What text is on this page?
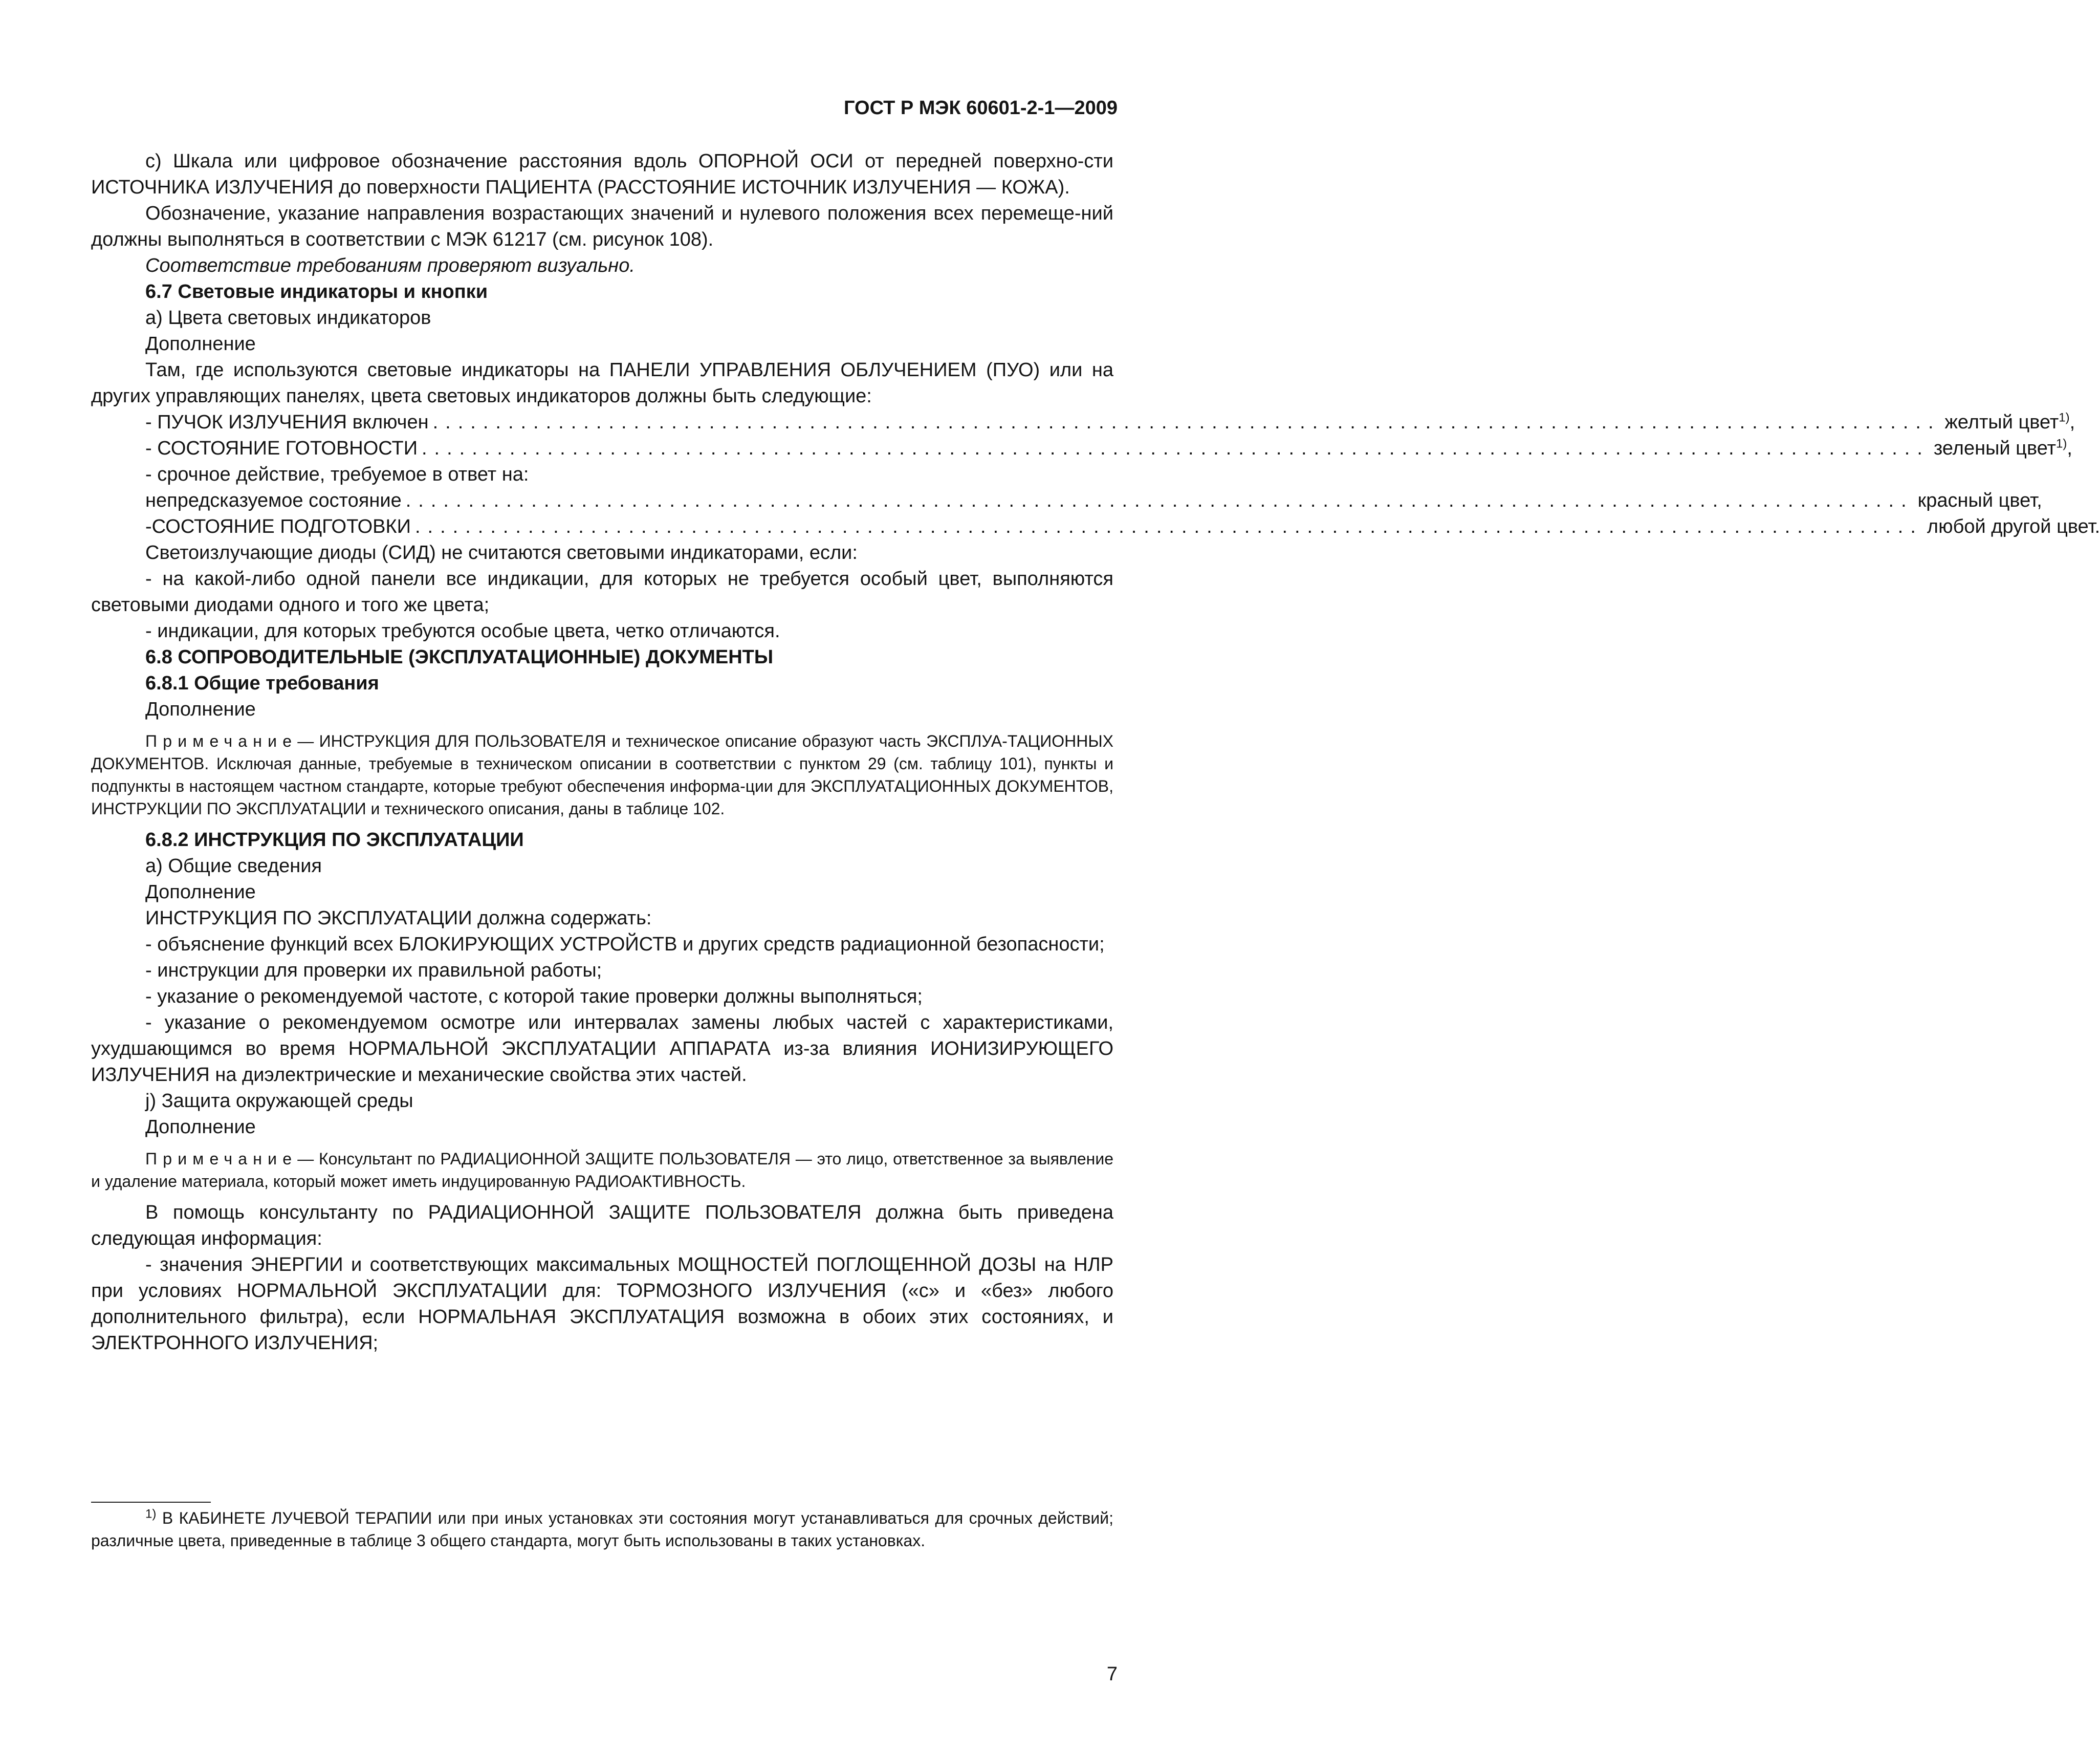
ГОСТ Р МЭК 60601-2-1—2009

c) Шкала или цифровое обозначение расстояния вдоль ОПОРНОЙ ОСИ от передней поверхно-сти ИСТОЧНИКА ИЗЛУЧЕНИЯ до поверхности ПАЦИЕНТА (РАССТОЯНИЕ ИСТОЧНИК ИЗЛУЧЕНИЯ — КОЖА).

Обозначение, указание направления возрастающих значений и нулевого положения всех перемеще-ний должны выполняться в соответствии с МЭК 61217 (см. рисунок 108).

Соответствие требованиям проверяют визуально.

6.7 Световые индикаторы и кнопки

а) Цвета световых индикаторов

Дополнение

Там, где используются световые индикаторы на ПАНЕЛИ УПРАВЛЕНИЯ ОБЛУЧЕНИЕМ (ПУО) или на других управляющих панелях, цвета световых индикаторов должны быть следующие:

- ПУЧОК ИЗЛУЧЕНИЯ включен ........................................................................................................................ желтый цвет$^{1)}$,
- СОСТОЯНИЕ ГОТОВНОСТИ ........................................................................................................................ зеленый цвет$^{1)}$,

- срочное действие, требуемое в ответ на:

непредсказуемое состояние ........................................................................................................................ красный цвет,
-СОСТОЯНИЕ ПОДГОТОВКИ ........................................................................................................................ любой другой цвет.

Светоизлучающие диоды (СИД) не считаются световыми индикаторами, если:

- на какой-либо одной панели все индикации, для которых не требуется особый цвет, выполняются световыми диодами одного и того же цвета;

- индикации, для которых требуются особые цвета, четко отличаются.

6.8 СОПРОВОДИТЕЛЬНЫЕ (ЭКСПЛУАТАЦИОННЫЕ) ДОКУМЕНТЫ

6.8.1 Общие требования

Дополнение

Примечание— ИНСТРУКЦИЯ ДЛЯ ПОЛЬЗОВАТЕЛЯ и техническое описание образуют часть ЭКСПЛУА-ТАЦИОННЫХ ДОКУМЕНТОВ. Исключая данные, требуемые в техническом описании в соответствии с пунктом 29 (см. таблицу 101), пункты и подпункты в настоящем частном стандарте, которые требуют обеспечения информа-ции для ЭКСПЛУАТАЦИОННЫХ ДОКУМЕНТОВ, ИНСТРУКЦИИ ПО ЭКСПЛУАТАЦИИ и технического описания, даны в таблице 102.

6.8.2 ИНСТРУКЦИЯ ПО ЭКСПЛУАТАЦИИ

а) Общие сведения

Дополнение

ИНСТРУКЦИЯ ПО ЭКСПЛУАТАЦИИ должна содержать:

- объяснение функций всех БЛОКИРУЮЩИХ УСТРОЙСТВ и других средств радиационной безопасности;

- инструкции для проверки их правильной работы;

- указание о рекомендуемой частоте, с которой такие проверки должны выполняться;

- указание о рекомендуемом осмотре или интервалах замены любых частей с характеристиками, ухудшающимся во время НОРМАЛЬНОЙ ЭКСПЛУАТАЦИИ АППАРАТА из-за влияния ИОНИЗИРУЮЩЕГО ИЗЛУЧЕНИЯ на диэлектрические и механические свойства этих частей.

j) Защита окружающей среды

Дополнение

Примечание— Консультант по РАДИАЦИОННОЙ ЗАЩИТЕ ПОЛЬЗОВАТЕЛЯ — это лицо, ответственное за выявление и удаление материала, который может иметь индуцированную РАДИОАКТИВНОСТЬ.

В помощь консультанту по РАДИАЦИОННОЙ ЗАЩИТЕ ПОЛЬЗОВАТЕЛЯ должна быть приведена следующая информация:

- значения ЭНЕРГИИ и соответствующих максимальных МОЩНОСТЕЙ ПОГЛОЩЕННОЙ ДОЗЫ на НЛР при условиях НОРМАЛЬНОЙ ЭКСПЛУАТАЦИИ для: ТОРМОЗНОГО ИЗЛУЧЕНИЯ («с» и «без» любого дополнительного фильтра), если НОРМАЛЬНАЯ ЭКСПЛУАТАЦИЯ возможна в обоих этих состояниях, и ЭЛЕКТРОННОГО ИЗЛУЧЕНИЯ;

$^{1)}$ В КАБИНЕТЕ ЛУЧЕВОЙ ТЕРАПИИ или при иных установках эти состояния могут устанавливаться для срочных действий; различные цвета, приведенные в таблице 3 общего стандарта, могут быть использованы в таких установках.
7
